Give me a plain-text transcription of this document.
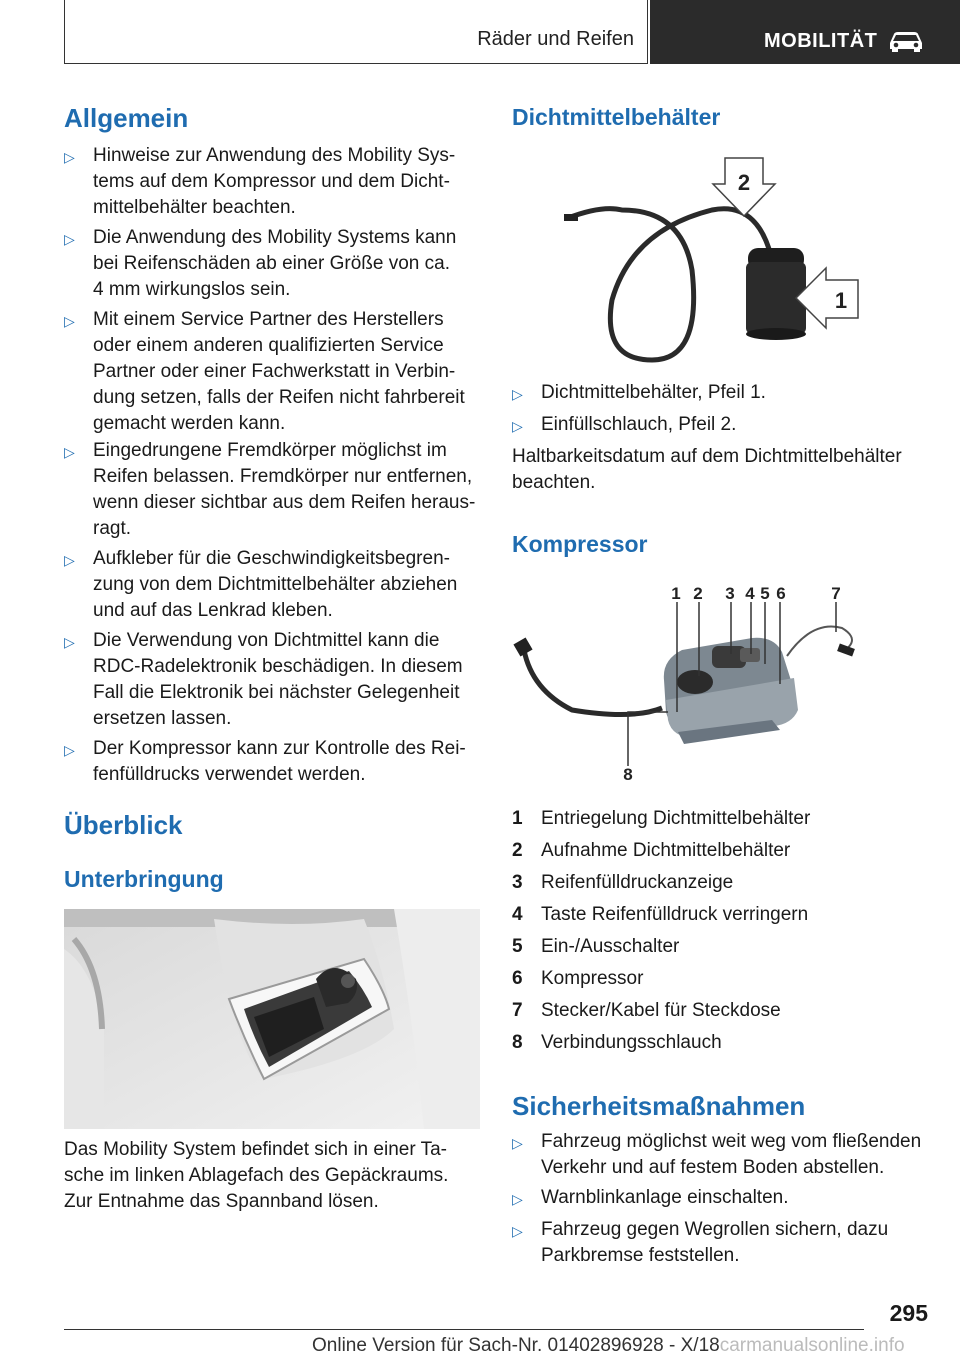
Räder und Reifen	MOBILITÄT
Allgemein
▷ Hinweise zur Anwendung des Mobility Sys-
tems auf dem Kompressor und dem Dicht-
mittelbehälter beachten.
▷ Die Anwendung des Mobility Systems kann
bei Reifenschäden ab einer Größe von ca.
4 mm wirkungslos sein.
▷ Mit einem Service Partner des Herstellers
oder einem anderen qualifizierten Service
Partner oder einer Fachwerkstatt in Verbin-
dung setzen, falls der Reifen nicht fahrbereit
gemacht werden kann.
▷ Eingedrungene Fremdkörper möglichst im
Reifen belassen. Fremdkörper nur entfernen,
wenn dieser sichtbar aus dem Reifen heraus-
ragt.
▷ Aufkleber für die Geschwindigkeitsbegren-
zung von dem Dichtmittelbehälter abziehen
und auf das Lenkrad kleben.
▷ Die Verwendung von Dichtmittel kann die
RDC-Radelektronik beschädigen. In diesem
Fall die Elektronik bei nächster Gelegenheit
ersetzen lassen.
▷ Der Kompressor kann zur Kontrolle des Rei-
fenfülldrucks verwendet werden.
Überblick
Unterbringung
Das Mobility System befindet sich in einer Ta-
sche im linken Ablagefach des Gepäckraums.
Zur Entnahme das Spannband lösen.
Dichtmittelbehälter
2
1
▷ Dichtmittelbehälter, Pfeil 1.
▷ Einfüllschlauch, Pfeil 2.
Haltbarkeitsdatum auf dem Dichtmittelbehälter
beachten.
Kompressor
1 2 3 4 5 6	7
8
1 Entriegelung Dichtmittelbehälter
2 Aufnahme Dichtmittelbehälter
3 Reifenfülldruckanzeige
4 Taste Reifenfülldruck verringern
5 Ein-/Ausschalter
6 Kompressor
7 Stecker/Kabel für Steckdose
8 Verbindungsschlauch
Sicherheitsmaßnahmen
▷ Fahrzeug möglichst weit weg vom fließenden
Verkehr und auf festem Boden abstellen.
▷ Warnblinkanlage einschalten.
▷ Fahrzeug gegen Wegrollen sichern, dazu
Parkbremse feststellen.
295
Online Version für Sach-Nr. 01402896928 - X/18carmanualsonline.info
